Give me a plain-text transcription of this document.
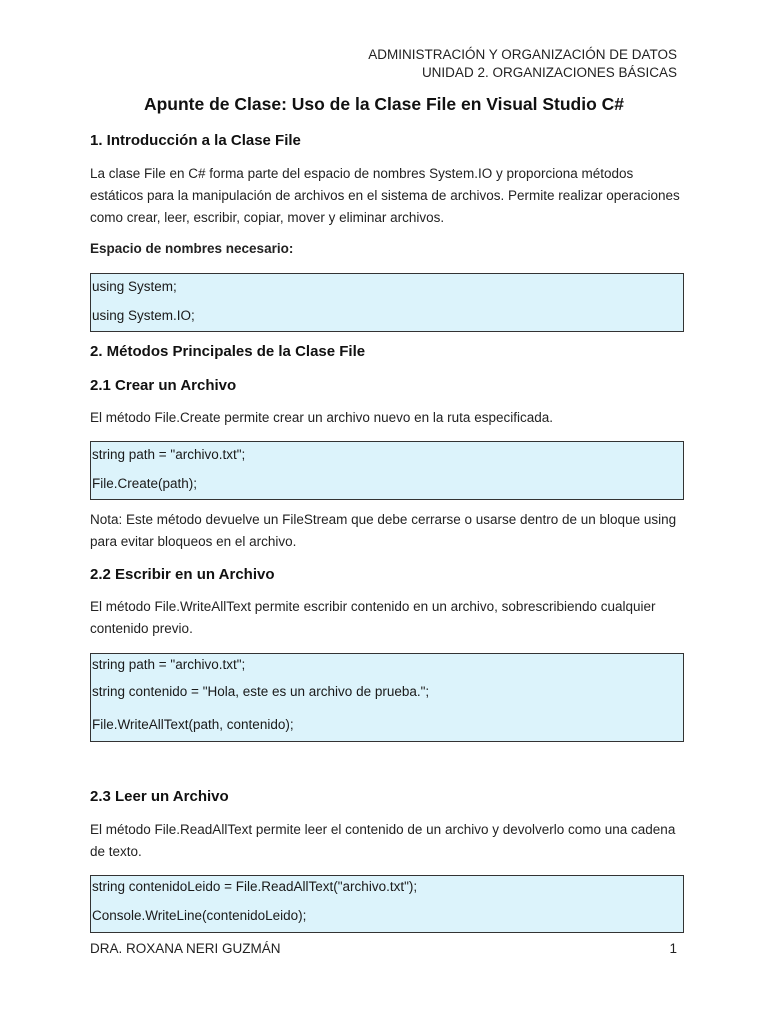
ADMINISTRACIÓN Y ORGANIZACIÓN DE DATOS
UNIDAD 2. ORGANIZACIONES BÁSICAS
Apunte de Clase: Uso de la Clase File en Visual Studio C#
1. Introducción a la Clase File

La clase File en C# forma parte del espacio de nombres System.IO y proporciona métodos estáticos para la manipulación de archivos en el sistema de archivos. Permite realizar operaciones como crear, leer, escribir, copiar, mover y eliminar archivos.

Espacio de nombres necesario:

using System;
using System.IO;
2. Métodos Principales de la Clase File
2.1 Crear un Archivo

El método File.Create permite crear un archivo nuevo en la ruta especificada.

string path = "archivo.txt";
File.Create(path);

Nota: Este método devuelve un FileStream que debe cerrarse o usarse dentro de un bloque using para evitar bloqueos en el archivo.

2.2 Escribir en un Archivo

El método File.WriteAllText permite escribir contenido en un archivo, sobrescribiendo cualquier contenido previo.

string path = "archivo.txt";
string contenido = "Hola, este es un archivo de prueba.";
File.WriteAllText(path, contenido);
2.3 Leer un Archivo

El método File.ReadAllText permite leer el contenido de un archivo y devolverlo como una cadena de texto.

string contenidoLeido = File.ReadAllText("archivo.txt");
Console.WriteLine(contenidoLeido);
DRA. ROXANA NERI GUZMÁN	1
